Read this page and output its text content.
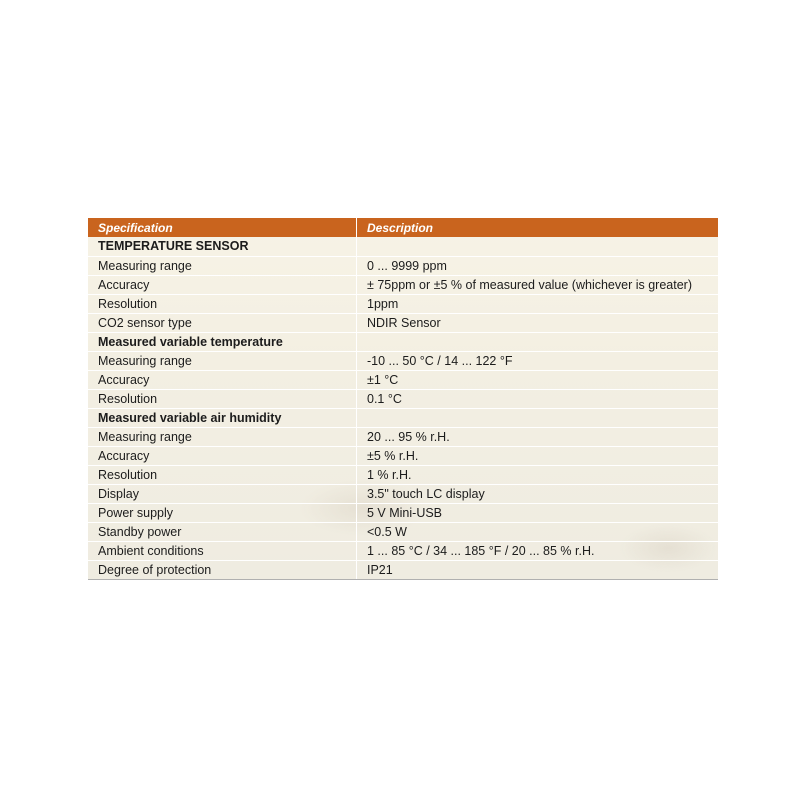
Specification	Description
TEMPERATURE SENSOR	
Measuring range	0 ... 9999 ppm
Accuracy	± 75ppm or ±5 % of measured value (whichever is greater)
Resolution	1ppm
CO2 sensor type	NDIR Sensor
Measured variable temperature	
Measuring range	-10 ... 50 °C / 14 ... 122 °F
Accuracy	±1 °C
Resolution	0.1 °C
Measured variable air humidity	
Measuring range	20 ... 95 % r.H.
Accuracy	±5 % r.H.
Resolution	1 % r.H.
Display	3.5" touch LC display
Power supply	5 V Mini-USB
Standby power	<0.5 W
Ambient conditions	1 ... 85 °C / 34 ... 185 °F / 20 ... 85 % r.H.
Degree of protection	IP21
